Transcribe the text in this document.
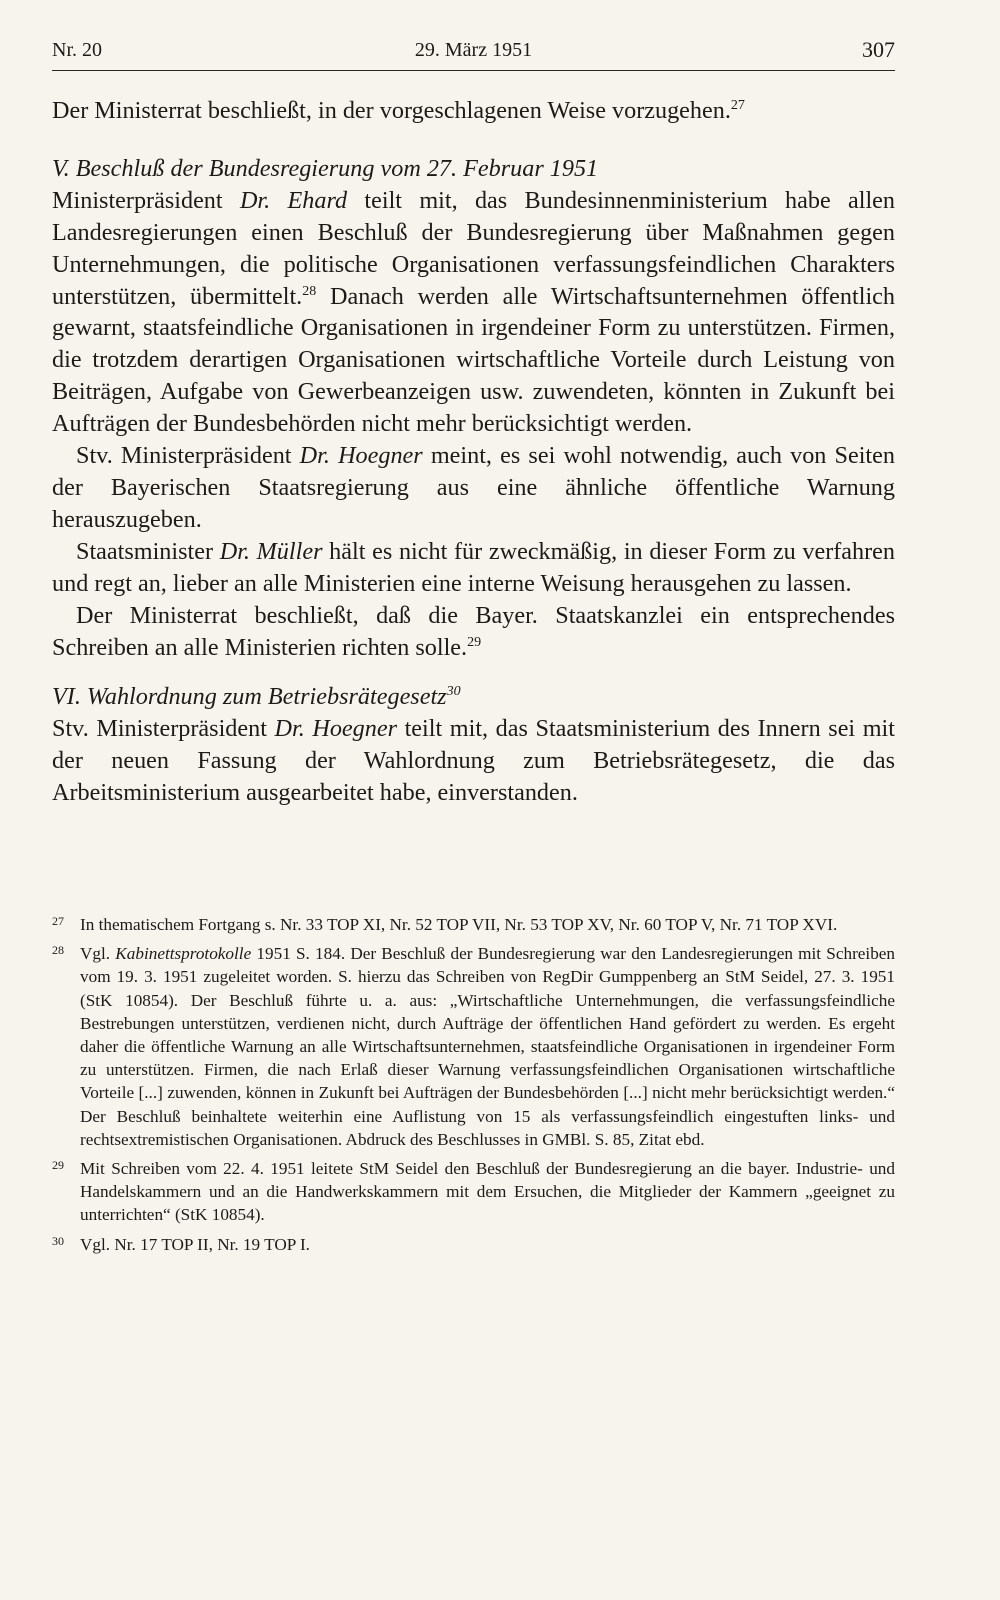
Nr. 20	29. März 1951	307

Der Ministerrat beschließt, in der vorgeschlagenen Weise vorzugehen.$^{27}$

V. Beschluß der Bundesregierung vom 27. Februar 1951

Ministerpräsident Dr. Ehard teilt mit, das Bundesinnenministerium habe allen Landesregierungen einen Beschluß der Bundesregierung über Maßnahmen gegen Unternehmungen, die politische Organisationen verfassungsfeindlichen Charakters unterstützen, übermittelt.$^{28}$ Danach werden alle Wirtschaftsunternehmen öffentlich gewarnt, staatsfeindliche Organisationen in irgendeiner Form zu unterstützen. Firmen, die trotzdem derartigen Organisationen wirtschaftliche Vorteile durch Leistung von Beiträgen, Aufgabe von Gewerbeanzeigen usw. zuwendeten, könnten in Zukunft bei Aufträgen der Bundesbehörden nicht mehr berücksichtigt werden.

Stv. Ministerpräsident Dr. Hoegner meint, es sei wohl notwendig, auch von Seiten der Bayerischen Staatsregierung aus eine ähnliche öffentliche Warnung herauszugeben.

Staatsminister Dr. Müller hält es nicht für zweckmäßig, in dieser Form zu verfahren und regt an, lieber an alle Ministerien eine interne Weisung herausgehen zu lassen.

Der Ministerrat beschließt, daß die Bayer. Staatskanzlei ein entsprechendes Schreiben an alle Ministerien richten solle.$^{29}$

VI. Wahlordnung zum Betriebsrätegesetz$^{30}$

Stv. Ministerpräsident Dr. Hoegner teilt mit, das Staatsministerium des Innern sei mit der neuen Fassung der Wahlordnung zum Betriebsrätegesetz, die das Arbeitsministerium ausgearbeitet habe, einverstanden.

27 In thematischem Fortgang s. Nr. 33 TOP XI, Nr. 52 TOP VII, Nr. 53 TOP XV, Nr. 60 TOP V, Nr. 71 TOP XVI.
28 Vgl. Kabinettsprotokolle 1951 S. 184. Der Beschluß der Bundesregierung war den Landesregierungen mit Schreiben vom 19. 3. 1951 zugeleitet worden. S. hierzu das Schreiben von RegDir Gumppenberg an StM Seidel, 27. 3. 1951 (StK 10854). Der Beschluß führte u. a. aus: „Wirtschaftliche Unternehmungen, die verfassungsfeindliche Bestrebungen unterstützen, verdienen nicht, durch Aufträge der öffentlichen Hand gefördert zu werden. Es ergeht daher die öffentliche Warnung an alle Wirtschaftsunternehmen, staatsfeindliche Organisationen in irgendeiner Form zu unterstützen. Firmen, die nach Erlaß dieser Warnung verfassungsfeindlichen Organisationen wirtschaftliche Vorteile [...] zuwenden, können in Zukunft bei Aufträgen der Bundesbehörden [...] nicht mehr berücksichtigt werden.“ Der Beschluß beinhaltete weiterhin eine Auflistung von 15 als verfassungsfeindlich eingestuften links- und rechtsextremistischen Organisationen. Abdruck des Beschlusses in GMBl. S. 85, Zitat ebd.
29 Mit Schreiben vom 22. 4. 1951 leitete StM Seidel den Beschluß der Bundesregierung an die bayer. Industrie- und Handelskammern und an die Handwerkskammern mit dem Ersuchen, die Mitglieder der Kammern „geeignet zu unterrichten“ (StK 10854).
30 Vgl. Nr. 17 TOP II, Nr. 19 TOP I.
